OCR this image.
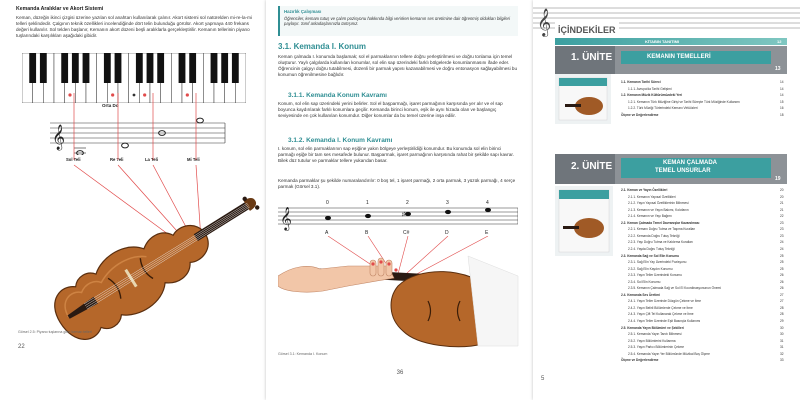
Kemanda Aralıklar ve Akort Sistemi

Keman, düzeğin ikinci çizgisi üzerine yazılan sol anahtarı kullanılarak çalınır. Akort sistemi sol natürelden mi-re-la-mi telleri şeklindedir. Çalgının teknik özellikleri incelendiğinde dört telin bulunduğu görülür. Akort yapmaya 440 frekans değeri kullanılır. Sol telden başlanır, Kemanın akort düzeni beşli aralıklarla gerçekleştirilir. Kemanın tellerinin piyano tuşlarındaki karşılıkları aşağıdaki gibidir.

Orta Do

𝄞
Sol Teli	Re Teli	La Teli	Mi Teli

Görsel 2.5: Piyano tuşlarına göre keman telleri

22

Hazırlık Çalışması

Öğrenciler, kemanı tutuş ve çalım pozisyonu hakkında bilgi verirken kemanın ses üretimine dair öğrenmiş oldukları bilgileri paylaşır. Sınıf arkadaşlarınızla tartışınız.

3.1. Kemanda I. Konum

Keman çalmada I. konumda başlamak; sol el parmaklarının tellere doğru yerleştirilmesi ve doğru tonlama için temel oluşturur. Yaylı çalgılarda kullanılan konumlar, sol elin sap üzerindeki farklı bölgelerde konumlanmasını ifade eder. Öğrencinin çalgıyı doğru tutabilmesi, düzenli bir parmak yapısı kazanabilmesi ve doğru entonasyon sağlayabilmesi bu konumun öğrenilmesine bağlıdır.

3.1.1. Kemanda Konum Kavramı

Konum, sol elin sap üzerindeki yerini belirler. Sol el başparmağı, işaret parmağının karşısında yer alır ve el sap boyunca kaydırılarak farklı konumlara geçilir. Kemanda birinci konum, eşik ile aynı hizada olan ve başlangıç seviyesinde en çok kullanılan konumdur. Diğer konumlar da bu temel üzerine inşa edilir.

3.1.2. Kemanda I. Konum Kavramı

I. konum, sol elin parmaklarının sap eşiğine yakın bölgeye yerleştirildiği konumdur. Bu konumda sol elin birinci parmağı eşiğe bir tam ses mesafede bulunur. Başparmak, işaret parmağının karşısında rahat bir şekilde sapı kavrar. Bilek düz tutulur ve parmaklar tellere yukarıdan basar.

Kemanda parmaklar şu şekilde numaralandırılır: 0 boş tel, 1 işaret parmağı, 2 orta parmak, 3 yüzük parmağı, 4 serçe parmak (Görsel 3.1).

𝄞	♯
0	1	2	3	4
A	B	C#	D	E

Görsel 3.1: Kemanda I. Konum

36

𝄞 İÇİNDEKİLER
KİTABIN TANITIMI	12
1. ÜNİTE	KEMANIN TEMELLERİ
13
1.1. Kemanın Tarihi Süreci	14
1.1.1. Avrupa'da Tarihi Gelişimi	14
1.2. Kemanın Müzik Kültürümüzdeki Yeri	14
1.2.1. Kemanın Türk Müziğine Girişi ve Tarihi Süreçte Türk Müziğinde Kullanımı	15
1.2.2. Türk Müziği Türlerindeki Kemanı Virtüözleri	16
Ölçme ve Değerlendirme	18
2. ÜNİTE	KEMAN ÇALMADA
TEMEL UNSURLAR
19
2.1. Keman ve Yayın Özellikleri	20
2.1.1. Kemanın Yapısal Özellikleri	20
2.1.2. Yayın Yapısal Özelliklerinin Bilinmesi	21
2.1.3. Kemanın ve Yayın Bakımı, Kolofanın	21
2.1.4. Kemanın ve Yayı Bağımı	22
2.2. Keman Çalmada Temel Davranışlar Kazanılması	23
2.2.1. Kemanı Doğru Tutma ve Taşıma Kuralları	23
2.2.2. Kemanda Doğru Tutuş Tekniği	23
2.2.3. Yayı Doğru Tutma ve Kaldırma Kuralları	24
2.2.4. Yayda Doğru Tutuş Tekniği	24
2.3. Kemanda Sağ ve Sol Elin Konumu	25
2.3.1. Sağ Elin Yay Üzerindeki Pozisyonu	25
2.3.2. Sağ Elin Kaydırı Konumu	25
2.3.3. Yayın Teller Üzerindeki Konumu	26
2.3.4. Sol Elin Konumu	26
2.3.5. Kemanın Çalmada Sağ ve Sol El Koordinasyonunun Önemi	26
2.4. Kemanda Ses Üretimi	27
2.4.1. Yayın Teller Üzerinde Düzgün Çekme ve İtme	27
2.4.2. Yayın Belirli Bölümlerde Çekme ve İtme	28
2.4.3. Yayın Çift Tel Kullanarak Çekme ve İtme	28
2.4.4. Yayın Teller Üzerinde Eşit Basınçla Kullanımı	29
2.5. Kemanda Yayın Bölümleri ve Şekilleri	30
2.5.1. Kemanda Yayın Tanıtı Bilinmesi	30
2.5.2. Yayın Bölümlerini Kullanma	31
2.5.3. Yayın Parlıcı Bölümlerinin Çekme	31
2.5.4. Kemanda Yayın Yer Bölümünde Müzikal Boş Ölçme	32
Ölçme ve Değerlendirme	33

5
